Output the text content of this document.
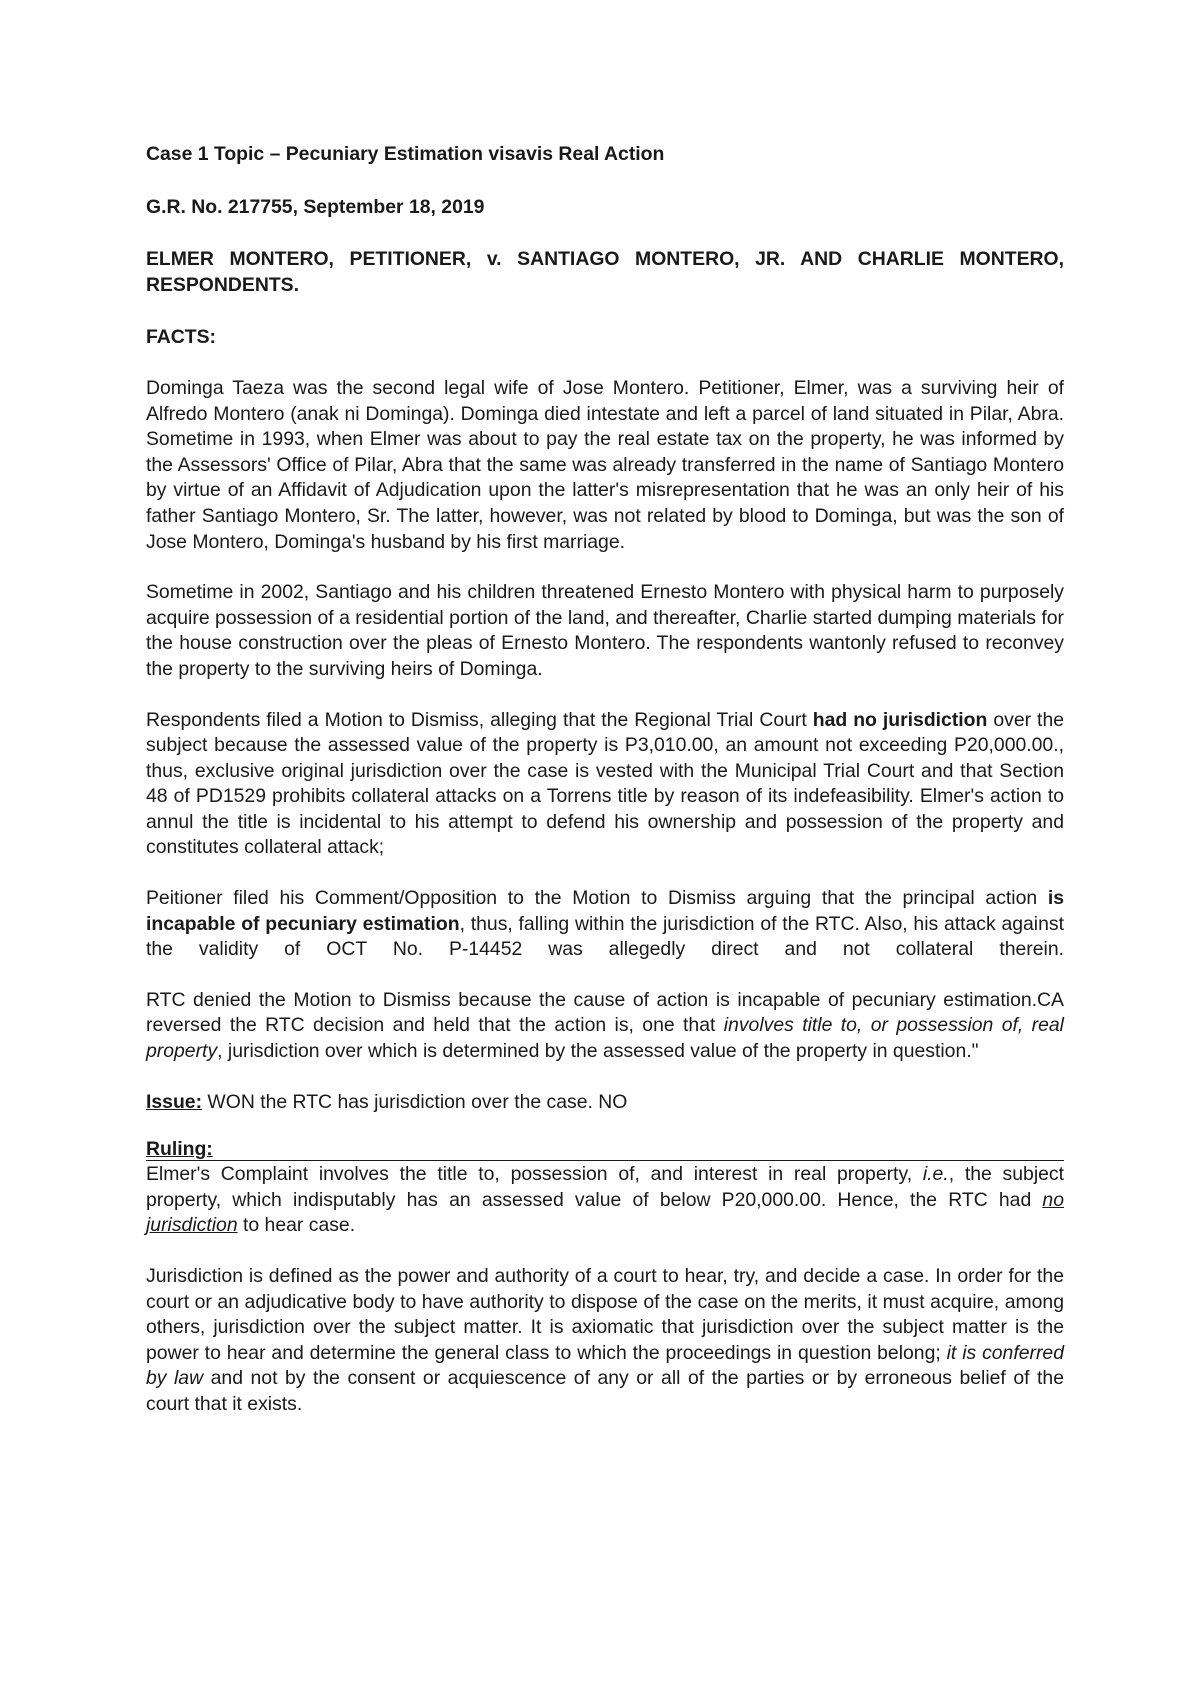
Case 1 Topic – Pecuniary Estimation visavis Real Action

G.R. No. 217755, September 18, 2019

ELMER MONTERO, PETITIONER, v. SANTIAGO MONTERO, JR. AND CHARLIE MONTERO, RESPONDENTS.

FACTS:

Dominga Taeza was the second legal wife of Jose Montero. Petitioner, Elmer, was a surviving heir of Alfredo Montero (anak ni Dominga). Dominga died intestate and left a parcel of land situated in Pilar, Abra. Sometime in 1993, when Elmer was about to pay the real estate tax on the property, he was informed by the Assessors' Office of Pilar, Abra that the same was already transferred in the name of Santiago Montero by virtue of an Affidavit of Adjudication upon the latter's misrepresentation that he was an only heir of his father Santiago Montero, Sr. The latter, however, was not related by blood to Dominga, but was the son of Jose Montero, Dominga's husband by his first marriage.

Sometime in 2002, Santiago and his children threatened Ernesto Montero with physical harm to purposely acquire possession of a residential portion of the land, and thereafter, Charlie started dumping materials for the house construction over the pleas of Ernesto Montero. The respondents wantonly refused to reconvey the property to the surviving heirs of Dominga.

Respondents filed a Motion to Dismiss, alleging that the Regional Trial Court had no jurisdiction over the subject because the assessed value of the property is P3,010.00, an amount not exceeding P20,000.00., thus, exclusive original jurisdiction over the case is vested with the Municipal Trial Court and that Section 48 of PD1529 prohibits collateral attacks on a Torrens title by reason of its indefeasibility. Elmer's action to annul the title is incidental to his attempt to defend his ownership and possession of the property and constitutes collateral attack;

Peitioner filed his Comment/Opposition to the Motion to Dismiss arguing that the principal action is incapable of pecuniary estimation, thus, falling within the jurisdiction of the RTC. Also, his attack against the validity of OCT No. P-14452 was allegedly direct and not collateral therein.

RTC denied the Motion to Dismiss because the cause of action is incapable of pecuniary estimation.CA reversed the RTC decision and held that the action is, one that involves title to, or possession of, real property, jurisdiction over which is determined by the assessed value of the property in question."

Issue: WON the RTC has jurisdiction over the case. NO

Ruling:

Elmer's Complaint involves the title to, possession of, and interest in real property, i.e., the subject property, which indisputably has an assessed value of below P20,000.00. Hence, the RTC had no jurisdiction to hear case.

Jurisdiction is defined as the power and authority of a court to hear, try, and decide a case. In order for the court or an adjudicative body to have authority to dispose of the case on the merits, it must acquire, among others, jurisdiction over the subject matter. It is axiomatic that jurisdiction over the subject matter is the power to hear and determine the general class to which the proceedings in question belong; it is conferred by law and not by the consent or acquiescence of any or all of the parties or by erroneous belief of the court that it exists.
